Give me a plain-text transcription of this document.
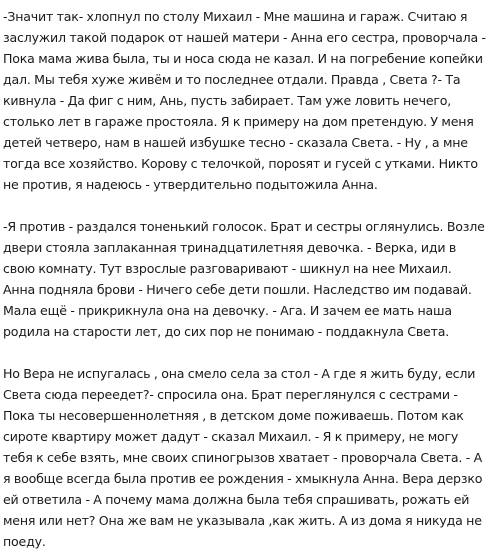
-Значит так- хлопнул по столу Михаил - Мне машина и гараж. Считаю я заслужил такой подарок от нашей матери - Анна его сестра, проворчала - Пока мама жива была, ты и носа сюда не казал. И на погребение копейки дал. Мы тебя хуже живём и то последнее отдали. Правда , Света ?- Та кивнула - Да фиг с ним, Ань, пусть забирает. Там уже ловить нечего, столько лет в гараже простояла. Я к примеру на дом претендую. У меня детей четверо, нам в нашей избушке тесно - сказала Света. - Ну , а мне тогда все хозяйство. Корову с телочкой, порosят и гусей с утками. Никто не против, я надеюсь - утвердительно подытожила Анна.

-Я против - раздался тоненький голосок. Брат и сестры оглянулись. Возле двери стояла заплаканная тринадцатилетняя девочка. - Верка, иди в свою комнату. Тут взрослые разговаривают - шикнул на нее Михаил. Анна подняла брови - Ничего себе дети пошли. Наследство им подавай. Мала ещё - прикрикнула она на девочку. - Ага. И зачем ее мать наша родила на старости лет, до сих пор не понимаю - поддакнула Света.

Но Вера не испугалась , она смело села за стол - А где я жить буду, если Света сюда переедет?- спросила она. Брат переглянулся с сестрами - Пока ты несовершеннолетняя , в детском доме поживаешь. Потом как сироте квартиру может дадут - сказал Михаил. - Я к примеру, не могу тебя к себе взять, мне своих спиногрызов хватает - проворчала Света. - А я вообще всегда была против ее рождения - хмыкнула Анна. Вера дерзко ей ответила - А почему мама должна была тебя спрашивать, рожать ей меня или нет? Она же вам не указывала ,как жить. А из дома я никуда не поеду.
